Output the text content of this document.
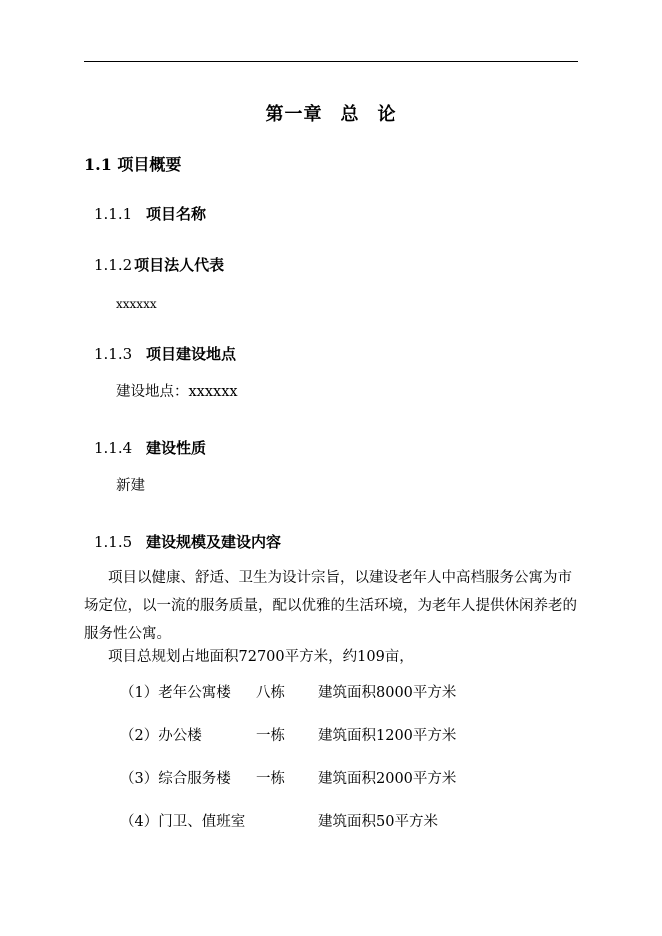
第一章 总 论
1.1 项目概要
1.1.1 项目名称
1.1.2 项目法人代表
xxxxxx
1.1.3 项目建设地点
建设地点：xxxxxx
1.1.4 建设性质
新建
1.1.5 建设规模及建设内容
项目以健康、舒适、卫生为设计宗旨，以建设老年人中高档服务公寓为市场定位，以一流的服务质量，配以优雅的生活环境，为老年人提供休闲养老的服务性公寓。
项目总规划占地面积72700平方米，约109亩，
（1）老年公寓楼 八栋 建筑面积8000平方米
（2）办公楼	一栋 建筑面积1200平方米
（3）综合服务楼 一栋 建筑面积2000平方米
（4）门卫、值班室	建筑面积50平方米
